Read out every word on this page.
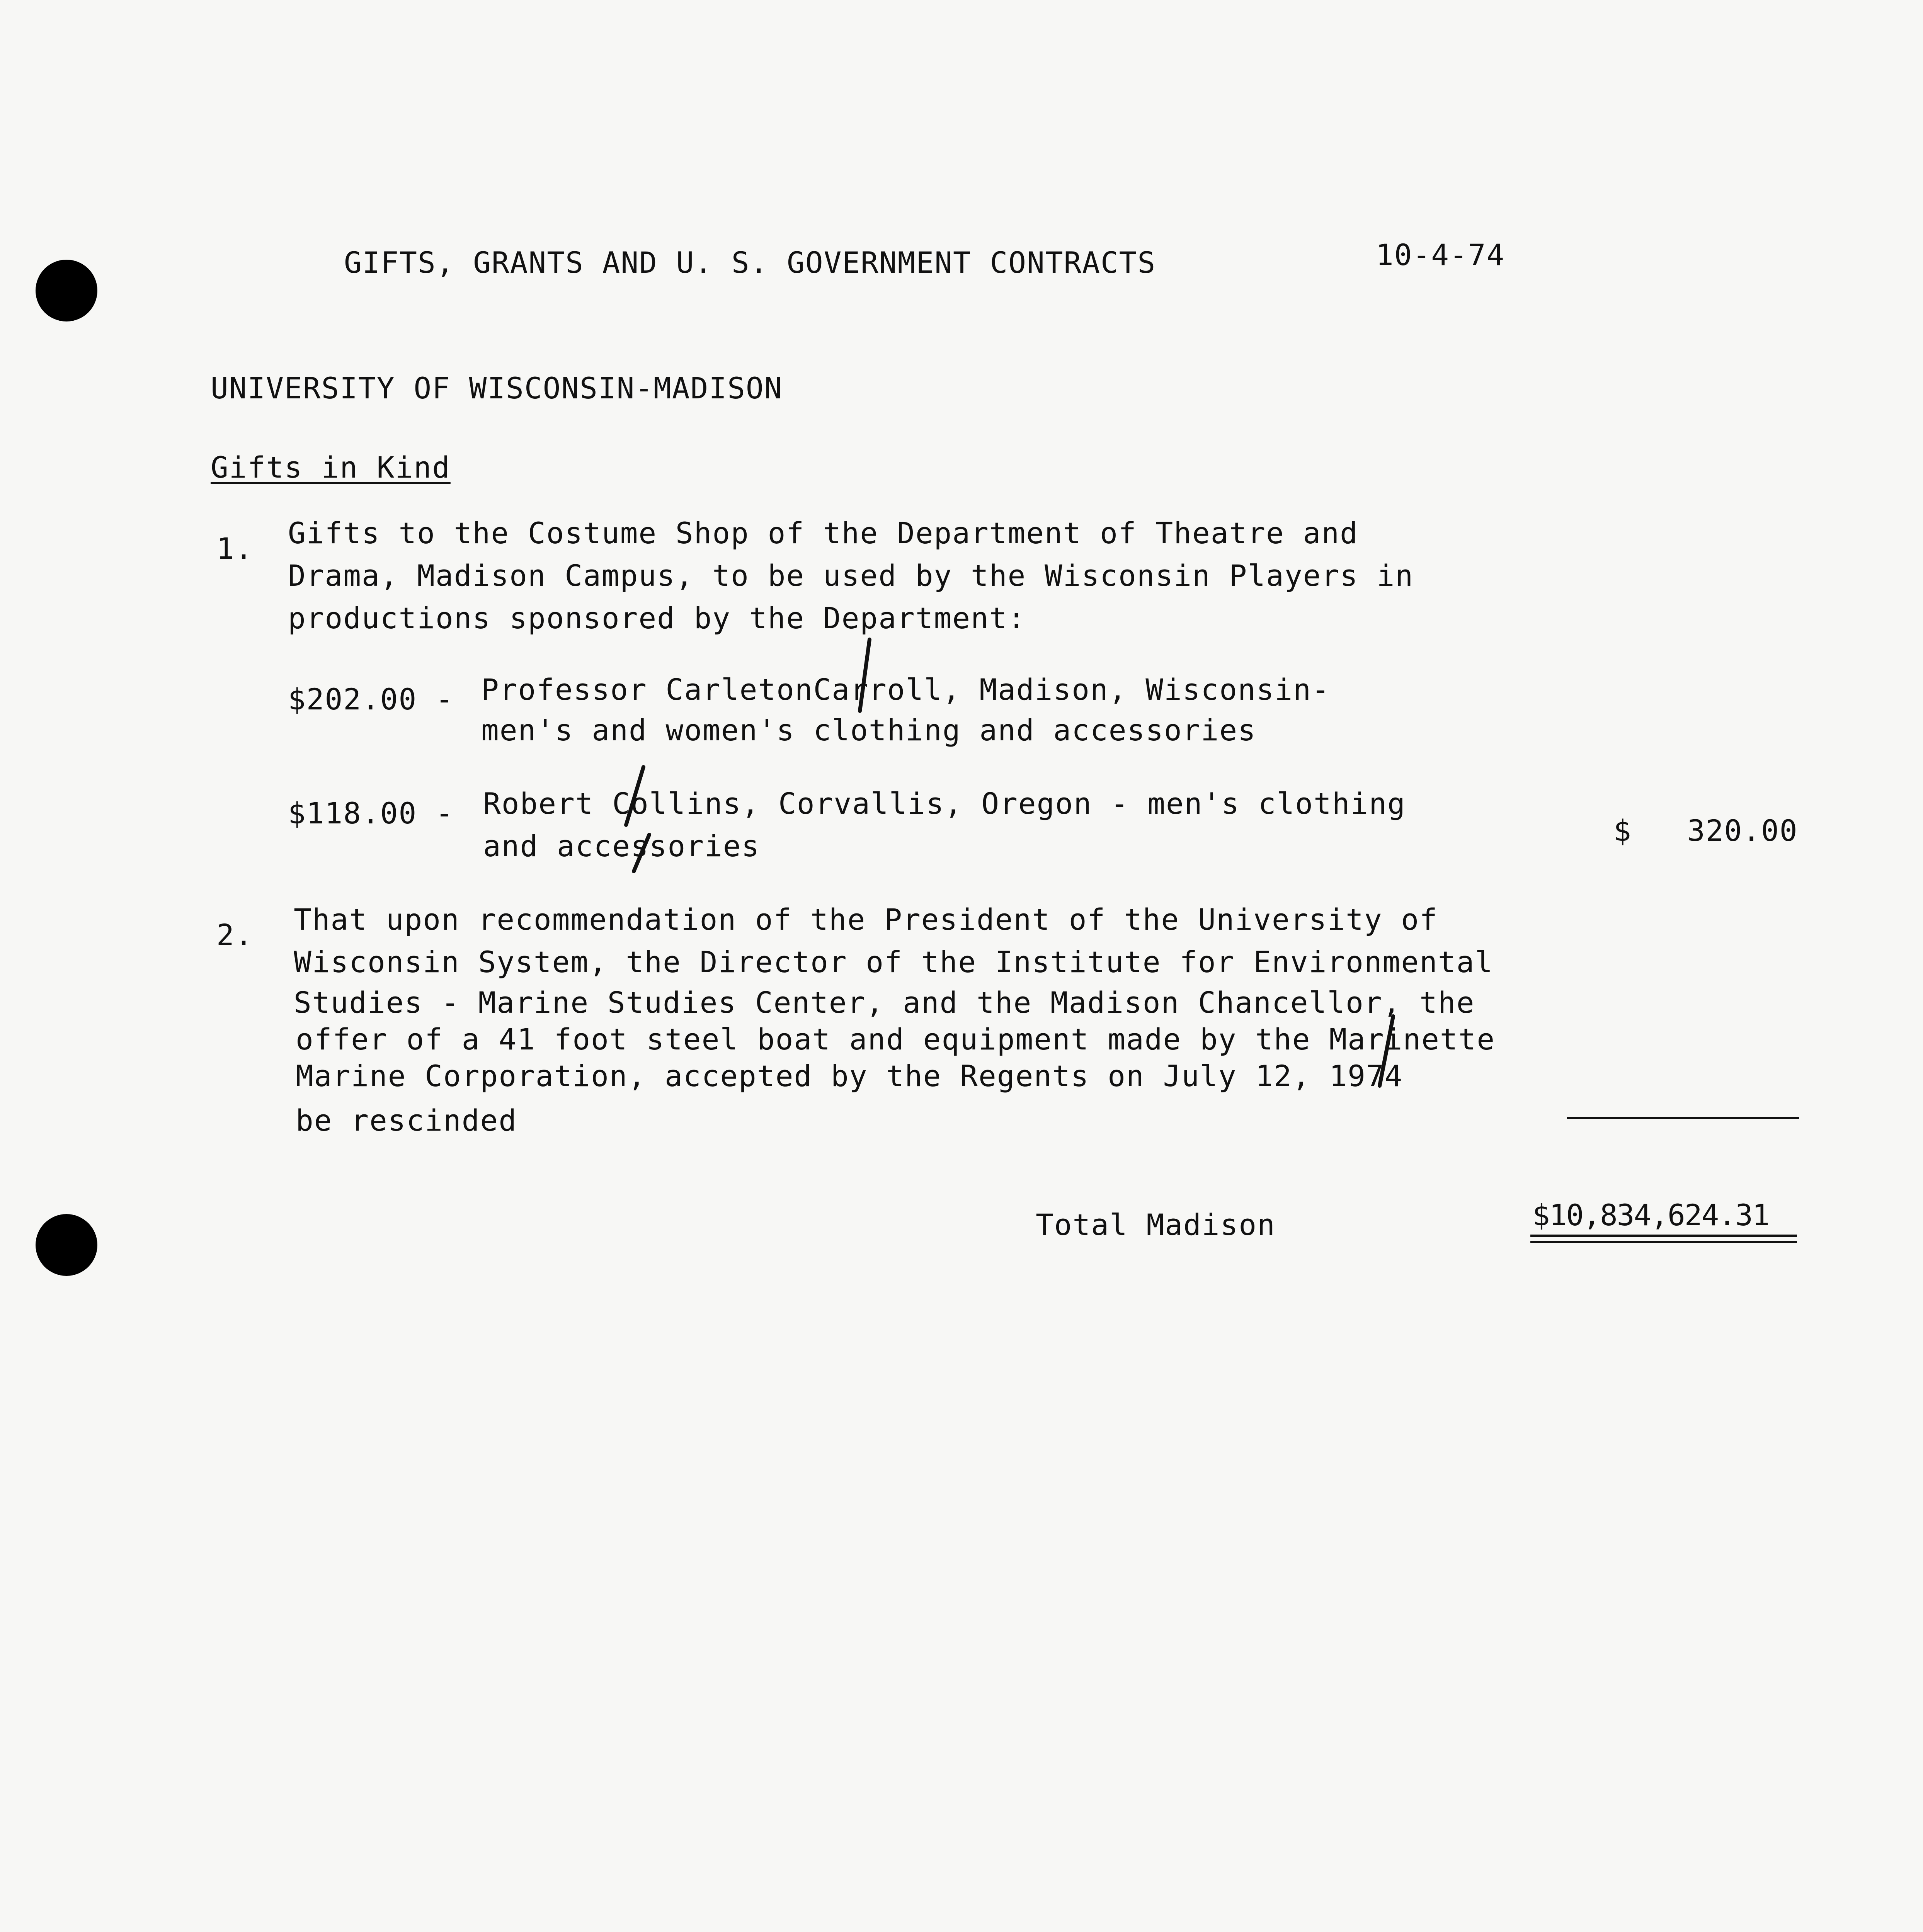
GIFTS, GRANTS AND U. S. GOVERNMENT CONTRACTS	10-4-74
UNIVERSITY OF WISCONSIN-MADISON
Gifts in Kind
1. Gifts to the Costume Shop of the Department of Theatre and
Drama, Madison Campus, to be used by the Wisconsin Players in
productions sponsored by the Department:
$202.00 - Professor CarletonCarroll, Madison, Wisconsin-
men's and women's clothing and accessories
$118.00 - Robert Collins, Corvallis, Oregon - men's clothing
and accessories	$   320.00
2. That upon recommendation of the President of the University of
Wisconsin System, the Director of the Institute for Environmental
Studies - Marine Studies Center, and the Madison Chancellor, the
offer of a 41 foot steel boat and equipment made by the Marinette
Marine Corporation, accepted by the Regents on July 12, 1974
be rescinded
Total Madison	$10,834,624.31
